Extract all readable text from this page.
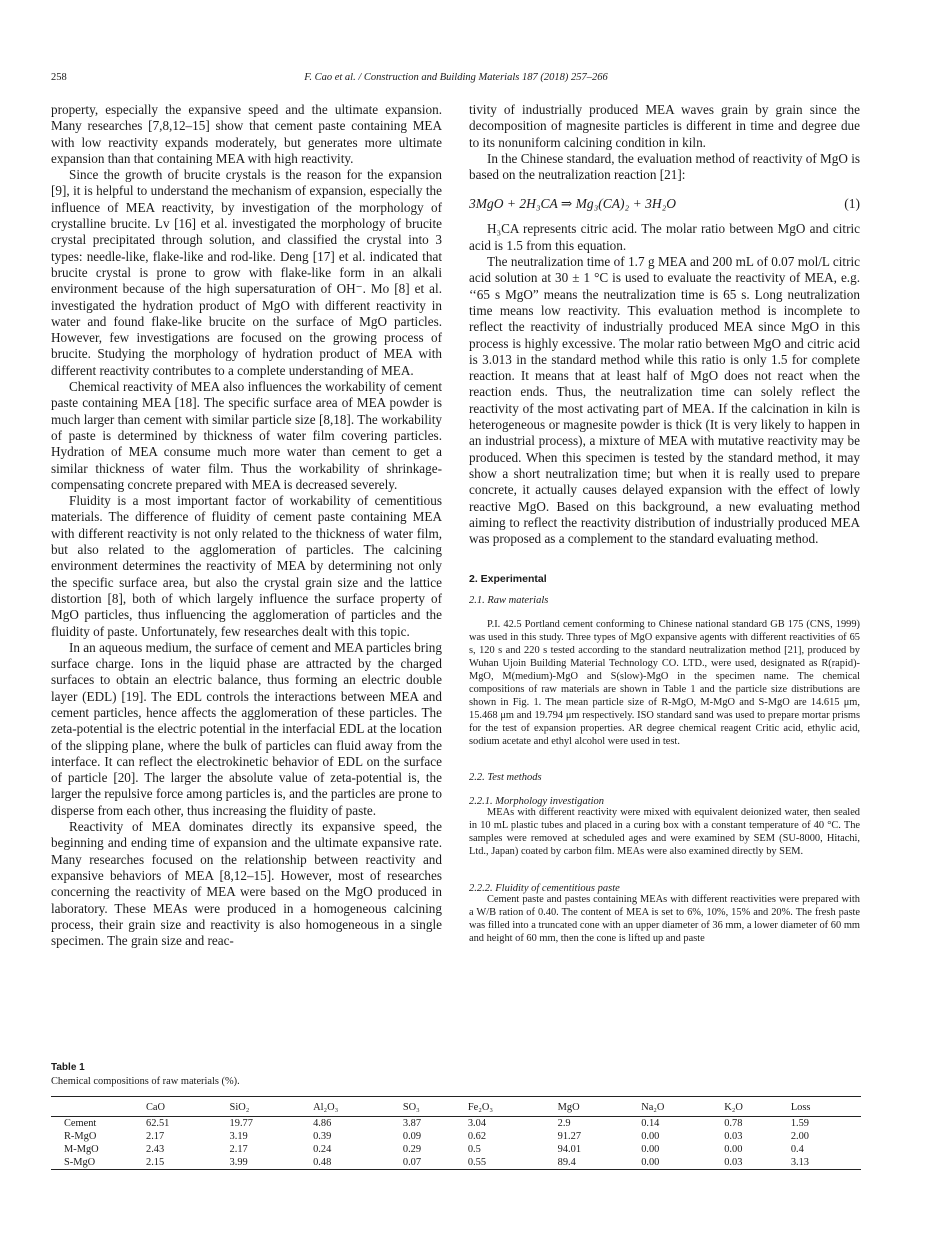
258	F. Cao et al. / Construction and Building Materials 187 (2018) 257–266

property, especially the expansive speed and the ultimate expansion. Many researches [7,8,12–15] show that cement paste containing MEA with low reactivity expands moderately, but generates more ultimate expansion than that containing MEA with high reactivity.

Since the growth of brucite crystals is the reason for the expansion [9], it is helpful to understand the mechanism of expansion, especially the influence of MEA reactivity, by investigation of the morphology of crystalline brucite. Lv [16] et al. investigated the morphology of brucite crystal precipitated through solution, and classified the crystal into 3 types: needle-like, flake-like and rod-like. Deng [17] et al. indicated that brucite crystal is prone to grow with flake-like form in an alkali environment because of the high supersaturation of OH⁻. Mo [8] et al. investigated the hydration product of MgO with different reactivity in water and found flake-like brucite on the surface of MgO particles. However, few investigations are focused on the growing process of brucite. Studying the morphology of hydration product of MEA with different reactivity contributes to a complete understanding of MEA.

Chemical reactivity of MEA also influences the workability of cement paste containing MEA [18]. The specific surface area of MEA powder is much larger than cement with similar particle size [8,18]. The workability of paste is determined by thickness of water film covering particles. Hydration of MEA consume much more water than cement to get a similar thickness of water film. Thus the workability of shrinkage-compensating concrete prepared with MEA is decreased severely.

Fluidity is a most important factor of workability of cementitious materials. The difference of fluidity of cement paste containing MEA with different reactivity is not only related to the thickness of water film, but also related to the agglomeration of particles. The calcining environment determines the reactivity of MEA by determining not only the specific surface area, but also the crystal grain size and the lattice distortion [8], both of which largely influence the surface property of MgO particles, thus influencing the agglomeration of particles and the fluidity of paste. Unfortunately, few researches dealt with this topic.

In an aqueous medium, the surface of cement and MEA particles bring surface charge. Ions in the liquid phase are attracted by the charged surfaces to obtain an electric balance, thus forming an electric double layer (EDL) [19]. The EDL controls the interactions between MEA and cement particles, hence affects the agglomeration of these particles. The zeta-potential is the electric potential in the interfacial EDL at the location of the slipping plane, where the bulk of particles can fluid away from the interface. It can reflect the electrokinetic behavior of EDL on the surface of particle [20]. The larger the absolute value of zeta-potential is, the larger the repulsive force among particles is, and the particles are prone to disperse from each other, thus increasing the fluidity of paste.

Reactivity of MEA dominates directly its expansive speed, the beginning and ending time of expansion and the ultimate expansive rate. Many researches focused on the relationship between reactivity and expansive behaviors of MEA [8,12–15]. However, most of researches concerning the reactivity of MEA were based on the MgO produced in laboratory. These MEAs were produced in a homogeneous calcining process, their grain size and reactivity is also homogeneous in a single specimen. The grain size and reac-

tivity of industrially produced MEA waves grain by grain since the decomposition of magnesite particles is different in time and degree due to its nonuniform calcining condition in kiln.

In the Chinese standard, the evaluation method of reactivity of MgO is based on the neutralization reaction [21]:

3MgO + 2H₃CA ⇒ Mg₃(CA)₂ + 3H₂O	(1)

H₃CA represents citric acid. The molar ratio between MgO and citric acid is 1.5 from this equation.

The neutralization time of 1.7 g MEA and 200 mL of 0.07 mol/L citric acid solution at 30 ± 1 °C is used to evaluate the reactivity of MEA, e.g. ‘‘65 s MgO” means the neutralization time is 65 s. Long neutralization time means low reactivity. This evaluation method is incomplete to reflect the reactivity of industrially produced MEA since MgO in this process is highly excessive. The molar ratio between MgO and citric acid is 3.013 in the standard method while this ratio is only 1.5 for complete reaction. It means that at least half of MgO does not react when the reaction ends. Thus, the neutralization time can solely reflect the reactivity of the most activating part of MEA. If the calcination in kiln is heterogeneous or magnesite powder is thick (It is very likely to happen in an industrial process), a mixture of MEA with mutative reactivity may be produced. When this specimen is tested by the standard method, it may show a short neutralization time; but when it is really used to prepare concrete, it actually causes delayed expansion with the effect of lowly reactive MgO. Based on this background, a new evaluating method aiming to reflect the reactivity distribution of industrially produced MEA was proposed as a complement to the standard evaluating method.

2. Experimental
2.1. Raw materials

P.I. 42.5 Portland cement conforming to Chinese national standard GB 175 (CNS, 1999) was used in this study. Three types of MgO expansive agents with different reactivities of 65 s, 120 s and 220 s tested according to the standard neutralization method [21], produced by Wuhan Ujoin Building Material Technology CO. LTD., were used, designated as R(rapid)-MgO, M(medium)-MgO and S(slow)-MgO in the specimen name. The chemical compositions of raw materials are shown in Table 1 and the particle size distributions are shown in Fig. 1. The mean particle size of R-MgO, M-MgO and S-MgO are 14.615 μm, 15.468 μm and 19.794 μm respectively. ISO standard sand was used to prepare mortar prisms for the test of expansion properties. AR degree chemical reagent Critic acid, ethylic acid, sodium acetate and ethyl alcohol were used in test.

2.2. Test methods
2.2.1. Morphology investigation

MEAs with different reactivity were mixed with equivalent deionized water, then sealed in 10 mL plastic tubes and placed in a curing box with a constant temperature of 40 °C. The samples were removed at scheduled ages and were examined by SEM (SU-8000, Hitachi, Ltd., Japan) coated by carbon film. MEAs were also examined directly by SEM.

2.2.2. Fluidity of cementitious paste

Cement paste and pastes containing MEAs with different reactivities were prepared with a W/B ration of 0.40. The content of MEA is set to 6%, 10%, 15% and 20%. The fresh paste was filled into a truncated cone with an upper diameter of 36 mm, a lower diameter of 60 mm and height of 60 mm, then the cone is lifted up and paste

Table 1
Chemical compositions of raw materials (%).
	CaO	SiO₂	Al₂O₃	SO₃	Fe₂O₃	MgO	Na₂O	K₂O	Loss
Cement	62.51	19.77	4.86	3.87	3.04	2.9	0.14	0.78	1.59
R-MgO	2.17	3.19	0.39	0.09	0.62	91.27	0.00	0.03	2.00
M-MgO	2.43	2.17	0.24	0.29	0.5	94.01	0.00	0.00	0.4
S-MgO	2.15	3.99	0.48	0.07	0.55	89.4	0.00	0.03	3.13
